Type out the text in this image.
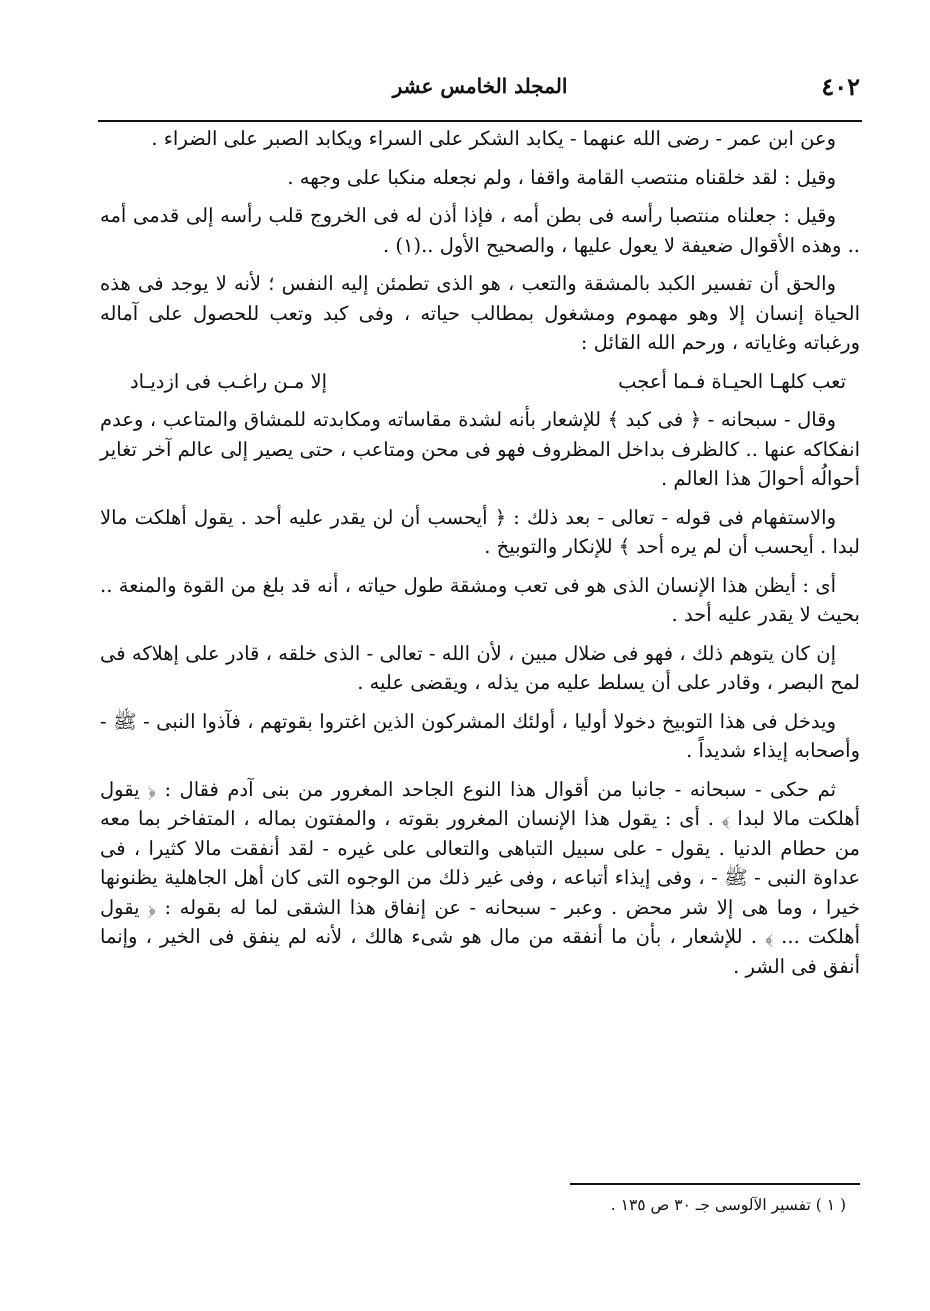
٤٠٢
المجلد الخامس عشر

وعن ابن عمر - رضى الله عنهما - يكابد الشكر على السراء ويكابد الصبر على الضراء .

وقيل : لقد خلقناه منتصب القامة واقفا ، ولم نجعله منكبا على وجهه .

وقيل : جعلناه منتصبا رأسه فى بطن أمه ، فإذا أذن له فى الخروج قلب رأسه إلى قدمى أمه .. وهذه الأقوال ضعيفة لا يعول عليها ، والصحيح الأول ..(١) .

والحق أن تفسير الكبد بالمشقة والتعب ، هو الذى تطمئن إليه النفس ؛ لأنه لا يوجد فى هذه الحياة إنسان إلا وهو مهموم ومشغول بمطالب حياته ، وفى كبد وتعب للحصول على آماله ورغباته وغاياته ، ورحم الله القائل :

تعب كلهـا الحيـاة فـما أعجب
إلا مـن راغـب فى ازديـاد

وقال - سبحانه - ﴿ فى كبد ﴾ للإشعار بأنه لشدة مقاساته ومكابدته للمشاق والمتاعب ، وعدم انفكاكه عنها .. كالظرف بداخل المظروف فهو فى محن ومتاعب ، حتى يصير إلى عالم آخر تغاير أحوالُه أحوالَ هذا العالم .

والاستفهام فى قوله - تعالى - بعد ذلك : ﴿ أيحسب أن لن يقدر عليه أحد . يقول أهلكت مالا لبدا . أيحسب أن لم يره أحد ﴾ للإنكار والتوبيخ .

أى : أيظن هذا الإنسان الذى هو فى تعب ومشقة طول حياته ، أنه قد بلغ من القوة والمنعة .. بحيث لا يقدر عليه أحد .

إن كان يتوهم ذلك ، فهو فى ضلال مبين ، لأن الله - تعالى - الذى خلقه ، قادر على إهلاكه فى لمح البصر ، وقادر على أن يسلط عليه من يذله ، ويقضى عليه .

ويدخل فى هذا التوبيخ دخولا أوليا ، أولئك المشركون الذين اغتروا بقوتهم ، فآذوا النبى - ﷺ - وأصحابه إيذاء شديداً .

ثم حكى - سبحانه - جانبا من أقوال هذا النوع الجاحد المغرور من بنى آدم فقال : ﴿ يقول أهلكت مالا لبدا ﴾ . أى : يقول هذا الإنسان المغرور بقوته ، والمفتون بماله ، المتفاخر بما معه من حطام الدنيا . يقول - على سبيل التباهى والتعالى على غيره - لقد أنفقت مالا كثيرا ، فى عداوة النبى - ﷺ - ، وفى إيذاء أتباعه ، وفى غير ذلك من الوجوه التى كان أهل الجاهلية يظنونها خيرا ، وما هى إلا شر محض . وعبر - سبحانه - عن إنفاق هذا الشقى لما له بقوله : ﴿ يقول أهلكت ... ﴾ . للإشعار ، بأن ما أنفقه من مال هو شىء هالك ، لأنه لم ينفق فى الخير ، وإنما أنفق فى الشر .

( ١ ) تفسير الآلوسى جـ ٣٠ ص ١٣٥ .
